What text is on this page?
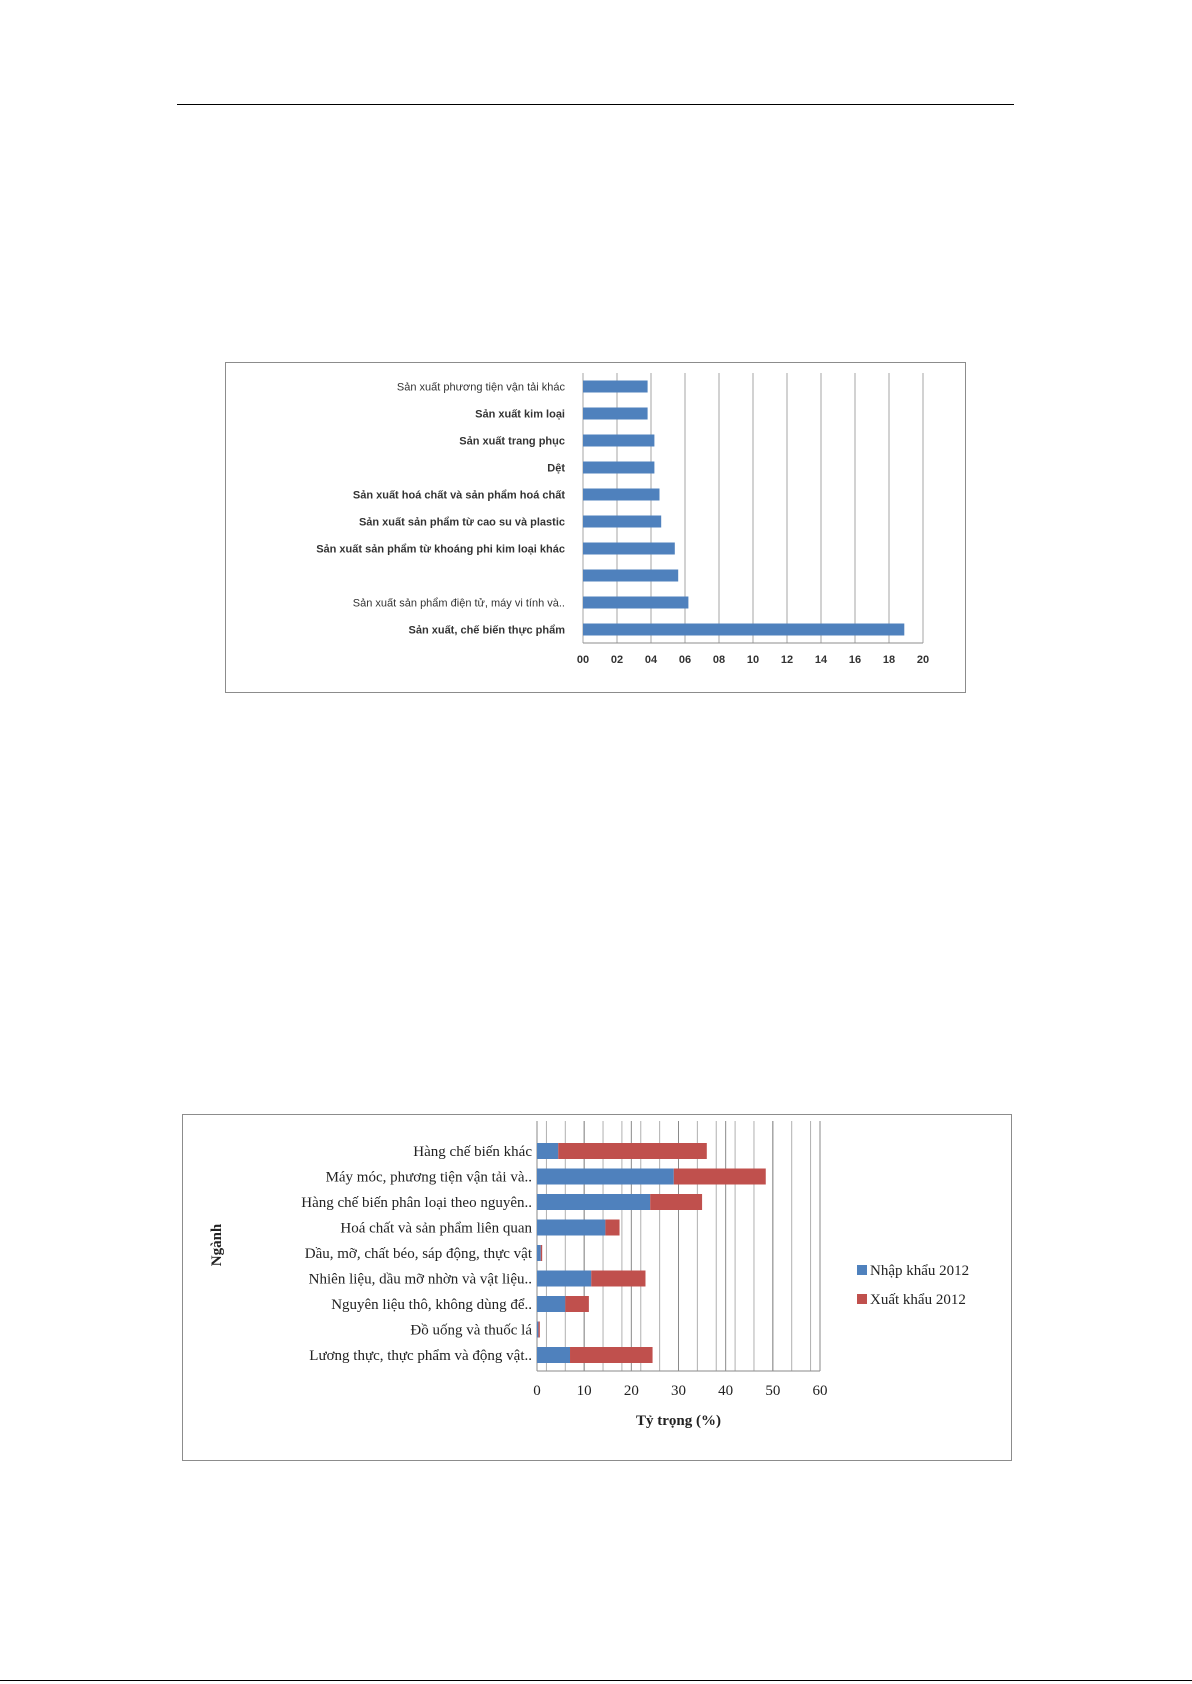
00 02 04 06 08 10 12 14 16 18 20
Sản xuất, chế biến thực phẩm
Sản xuất sản phẩm điện tử, máy vi tính và..
Sản xuất sản phẩm từ khoáng phi kim loại khác
Sản xuất sản phẩm từ cao su và plastic
Sản xuất hoá chất và sản phẩm hoá chất
Dệt
Sản xuất trang phục
Sản xuất kim loại
Sản xuất phương tiện vận tải khác
0 10 20 30 40 50 60
Lương thực, thực phẩm và động vật..
Đồ uống và thuốc lá
Nguyên liệu thô, không dùng để..
Nhiên liệu, dầu mỡ nhờn và vật liệu..
Dầu, mỡ, chất béo, sáp động, thực vật
Hoá chất và sản phẩm liên quan
Hàng chế biến phân loại theo nguyên..
Máy móc, phương tiện vận tải và..
Hàng chế biến khác
Tỷ trọng (%)
Ngành
Nhập khẩu 2012
Xuất khẩu 2012
